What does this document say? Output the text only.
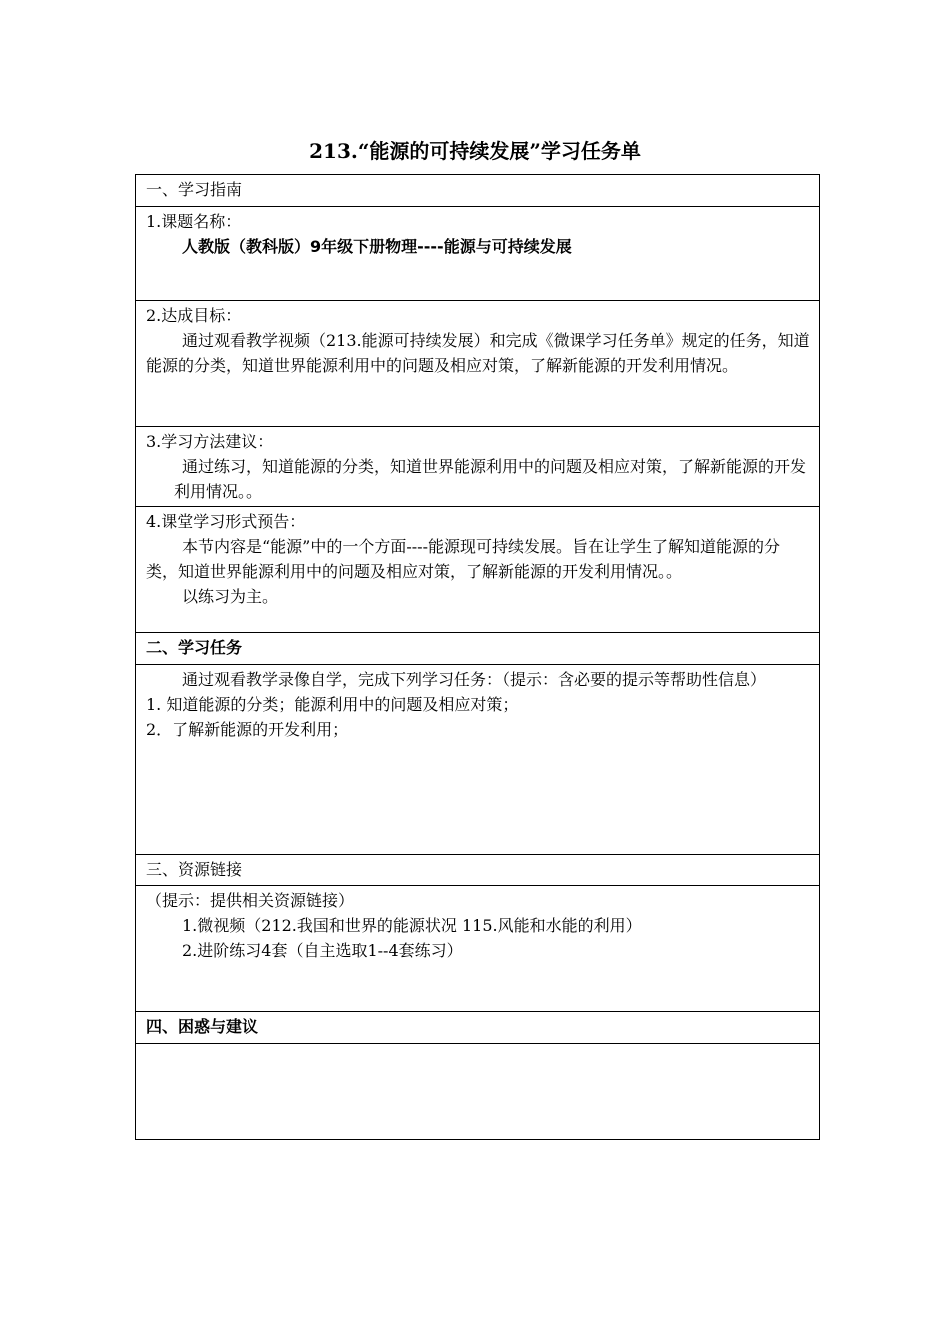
213.“能源的可持续发展”学习任务单
一、学习指南

1.课题名称：
人教版（教科版）9年级下册物理----能源与可持续发展

2.达成目标：
通过观看教学视频（213.能源可持续发展）和完成《微课学习任务单》规定的任务，知道能源的分类，知道世界能源利用中的问题及相应对策，了解新能源的开发利用情况。

3.学习方法建议：
通过练习，知道能源的分类，知道世界能源利用中的问题及相应对策，了解新能源的开发利用情况。。

4.课堂学习形式预告：
本节内容是“能源”中的一个方面----能源现可持续发展。旨在让学生了解知道能源的分类，知道世界能源利用中的问题及相应对策，了解新能源的开发利用情况。。
以练习为主。

二、学习任务

通过观看教学录像自学，完成下列学习任务：（提示：含必要的提示等帮助性信息）
1. 知道能源的分类；能源利用中的问题及相应对策；
2．了解新能源的开发利用；

三、资源链接

（提示：提供相关资源链接）
1.微视频（212.我国和世界的能源状况 115.风能和水能的利用）
2.进阶练习4套（自主选取1--4套练习）

四、困惑与建议
